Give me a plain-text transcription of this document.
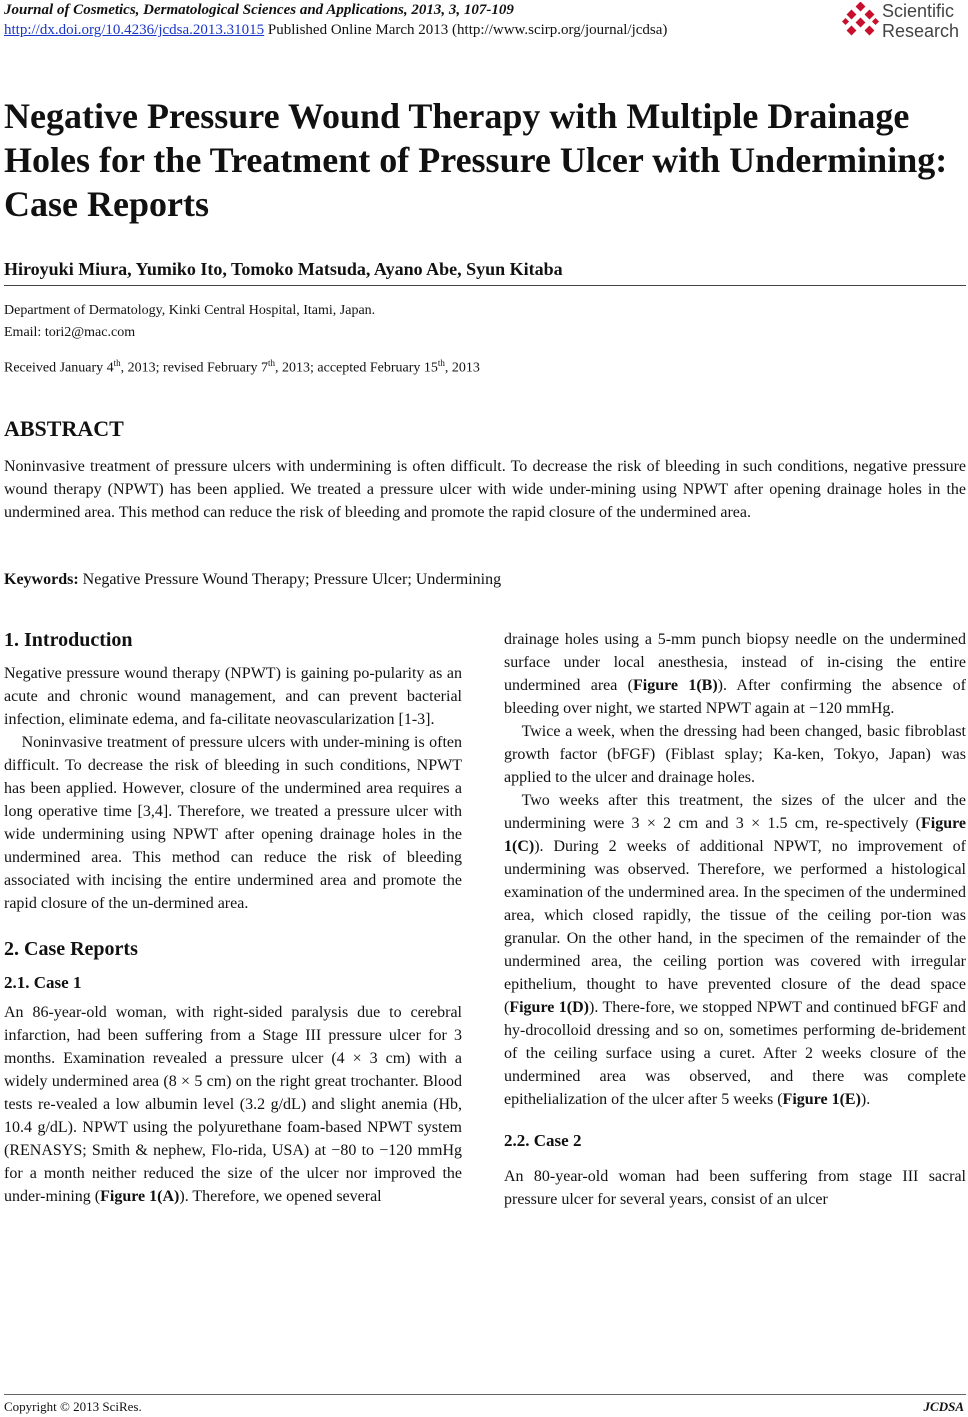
Journal of Cosmetics, Dermatological Sciences and Applications, 2013, 3, 107-109
http://dx.doi.org/10.4236/jcdsa.2013.31015 Published Online March 2013 (http://www.scirp.org/journal/jcdsa)
Scientific
Research
Negative Pressure Wound Therapy with Multiple Drainage Holes for the Treatment of Pressure Ulcer with Undermining: Case Reports
Hiroyuki Miura, Yumiko Ito, Tomoko Matsuda, Ayano Abe, Syun Kitaba
Department of Dermatology, Kinki Central Hospital, Itami, Japan.
Email: tori2@mac.com
Received January 4th, 2013; revised February 7th, 2013; accepted February 15th, 2013
ABSTRACT

Noninvasive treatment of pressure ulcers with undermining is often difficult. To decrease the risk of bleeding in such conditions, negative pressure wound therapy (NPWT) has been applied. We treated a pressure ulcer with wide under-mining using NPWT after opening drainage holes in the undermined area. This method can reduce the risk of bleeding and promote the rapid closure of the undermined area.

Keywords: Negative Pressure Wound Therapy; Pressure Ulcer; Undermining
1. Introduction

Negative pressure wound therapy (NPWT) is gaining po-pularity as an acute and chronic wound management, and can prevent bacterial infection, eliminate edema, and fa-cilitate neovascularization [1-3].

Noninvasive treatment of pressure ulcers with under-mining is often difficult. To decrease the risk of bleeding in such conditions, NPWT has been applied. However, closure of the undermined area requires a long operative time [3,4]. Therefore, we treated a pressure ulcer with wide undermining using NPWT after opening drainage holes in the undermined area. This method can reduce the risk of bleeding associated with incising the entire undermined area and promote the rapid closure of the un-dermined area.

2. Case Reports
2.1. Case 1

An 86-year-old woman, with right-sided paralysis due to cerebral infarction, had been suffering from a Stage III pressure ulcer for 3 months. Examination revealed a pressure ulcer (4 × 3 cm) with a widely undermined area (8 × 5 cm) on the right great trochanter. Blood tests re-vealed a low albumin level (3.2 g/dL) and slight anemia (Hb, 10.4 g/dL). NPWT using the polyurethane foam-based NPWT system (RENASYS; Smith & nephew, Flo-rida, USA) at −80 to −120 mmHg for a month neither reduced the size of the ulcer nor improved the under-mining (Figure 1(A)). Therefore, we opened several

drainage holes using a 5-mm punch biopsy needle on the undermined surface under local anesthesia, instead of in-cising the entire undermined area (Figure 1(B)). After confirming the absence of bleeding over night, we started NPWT again at −120 mmHg.

Twice a week, when the dressing had been changed, basic fibroblast growth factor (bFGF) (Fiblast splay; Ka-ken, Tokyo, Japan) was applied to the ulcer and drainage holes.

Two weeks after this treatment, the sizes of the ulcer and the undermining were 3 × 2 cm and 3 × 1.5 cm, re-spectively (Figure 1(C)). During 2 weeks of additional NPWT, no improvement of undermining was observed. Therefore, we performed a histological examination of the undermined area. In the specimen of the undermined area, which closed rapidly, the tissue of the ceiling por-tion was granular. On the other hand, in the specimen of the remainder of the undermined area, the ceiling portion was covered with irregular epithelium, thought to have prevented closure of the dead space (Figure 1(D)). There-fore, we stopped NPWT and continued bFGF and hy-drocolloid dressing and so on, sometimes performing de-bridement of the ceiling surface using a curet. After 2 weeks closure of the undermined area was observed, and there was complete epithelialization of the ulcer after 5 weeks (Figure 1(E)).

2.2. Case 2

An 80-year-old woman had been suffering from stage III sacral pressure ulcer for several years, consist of an ulcer

Copyright © 2013 SciRes.	JCDSA
